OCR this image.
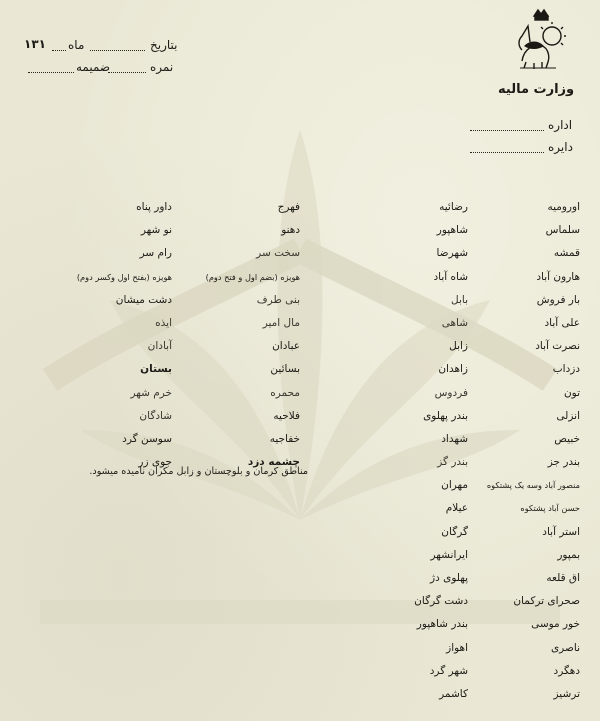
بتاریخ
ماه
۱۳۱
نمره
ضمیمه
وزارت مالیه
اداره
دایره
اورومیه
سلماس
قمشه
هارون آباد
بار فروش
علی آباد
نصرت آباد
دزداب
تون
انزلی
خبیص
بندر جز
منصور آباد وسه یک پشتکوه
حسن آباد پشتکوه
استر آباد
بمپور
اق قلعه
صحرای ترکمان
خور موسی
ناصری
دهگرد
ترشیز
رضائیه
شاهپور
شهرضا
شاه آباد
بابل
شاهی
زابل
زاهدان
فردوس
بندر پهلوی
شهداد
بندر گز
مهران
عیلام
گرگان
ایرانشهر
پهلوی دژ
دشت گرگان
بندر شاهپور
اهواز
شهر گرد
کاشمر
فهرج
دهنو
سخت سر
هویزه (بضم اول و فتح دوم)
بنی طرف
مال امیر
عبادان
بسائین
محمره
فلاحیه
خفاجیه
چشمه دزد
داور پناه
نو شهر
رام سر
هویزه (بفتح اول وکسر دوم)
دشت میشان
ایذه
آبادان
بستان
خرم شهر
شادگان
سوسن گرد
جوی زر
مناطق کرمان و بلوچستان و زابل مکران نامیده میشود.
